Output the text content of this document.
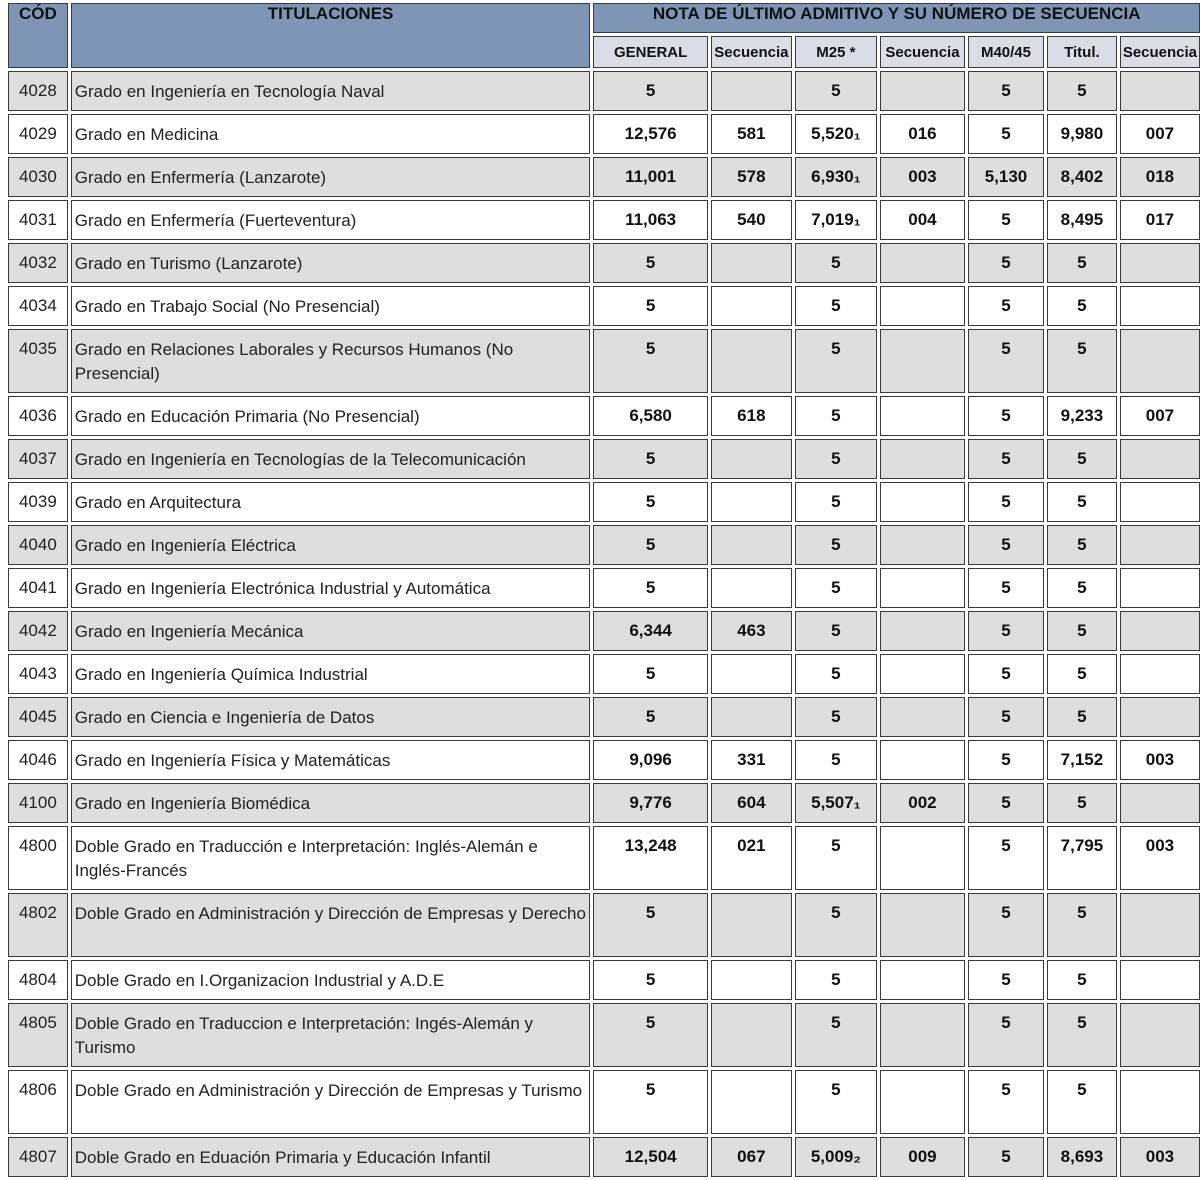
CÓD	TITULACIONES	NOTA DE ÚLTIMO ADMITIVO Y SU NÚMERO DE SECUENCIA						
		GENERAL	Secuencia	M25 *	Secuencia	M40/45	Titul.	Secuencia
4028	Grado en Ingeniería en Tecnología Naval	5		5		5	5	
4029	Grado en Medicina	12,576	581	5,520₁	016	5	9,980	007
4030	Grado en Enfermería (Lanzarote)	11,001	578	6,930₁	003	5,130	8,402	018
4031	Grado en Enfermería (Fuerteventura)	11,063	540	7,019₁	004	5	8,495	017
4032	Grado en Turismo (Lanzarote)	5		5		5	5	
4034	Grado en Trabajo Social (No Presencial)	5		5		5	5	
4035	Grado en Relaciones Laborales y Recursos Humanos (No Presencial)	5		5		5	5	
4036	Grado en Educación Primaria (No Presencial)	6,580	618	5		5	9,233	007
4037	Grado en Ingeniería en Tecnologías de la Telecomunicación	5		5		5	5	
4039	Grado en Arquitectura	5		5		5	5	
4040	Grado en Ingeniería Eléctrica	5		5		5	5	
4041	Grado en Ingeniería Electrónica Industrial y Automática	5		5		5	5	
4042	Grado en Ingeniería Mecánica	6,344	463	5		5	5	
4043	Grado en Ingeniería Química Industrial	5		5		5	5	
4045	Grado en Ciencia e Ingeniería de Datos	5		5		5	5	
4046	Grado en Ingeniería Física y Matemáticas	9,096	331	5		5	7,152	003
4100	Grado en Ingeniería Biomédica	9,776	604	5,507₁	002	5	5	
4800	Doble Grado en Traducción e Interpretación: Inglés-Alemán e Inglés-Francés	13,248	021	5		5	7,795	003
4802	Doble Grado en Administración y Dirección de Empresas y Derecho	5		5		5	5	
4804	Doble Grado en I.Organizacion Industrial y A.D.E	5		5		5	5	
4805	Doble Grado en Traduccion e Interpretación: Ingés-Alemán y Turismo	5		5		5	5	
4806	Doble Grado en Administración y Dirección de Empresas y Turismo	5		5		5	5	
4807	Doble Grado en Eduación Primaria y Educación Infantil	12,504	067	5,009₂	009	5	8,693	003
